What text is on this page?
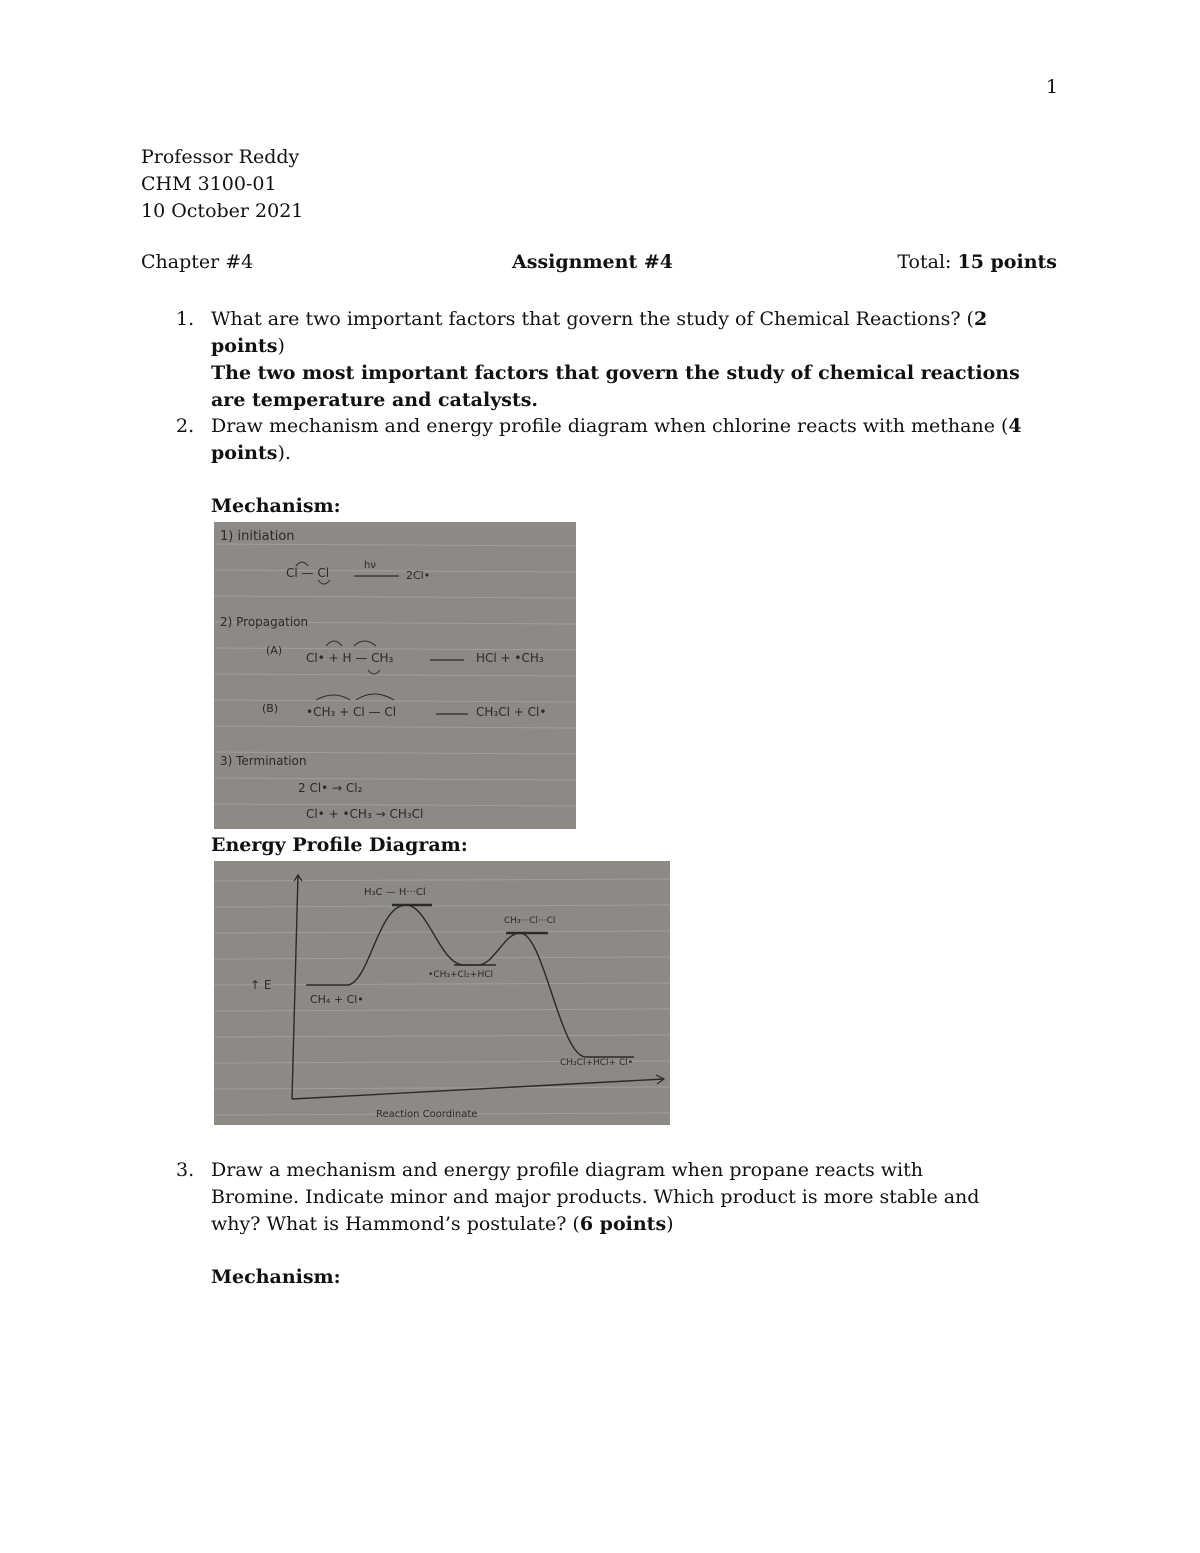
1
Professor Reddy
CHM 3100-01
10 October 2021
Chapter #4	Assignment #4	Total: 15 points
1. What are two important factors that govern the study of Chemical Reactions? (2 points)
The two most important factors that govern the study of chemical reactions are temperature and catalysts.
2. Draw mechanism and energy profile diagram when chlorine reacts with methane (4 points).
Mechanism:
1) initiation
Cl — Cl
hν
2Cl•
2) Propagation
(A)
Cl• + H — CH₃	HCl + •CH₃
(B) •CH₃ + Cl — Cl	CH₃Cl + Cl•
3) Termination
2 Cl• → Cl₂
Cl• + •CH₃ → CH₃Cl
Energy Profile Diagram:
H₃C — H···Cl
CH₃···Cl···Cl
•CH₃+Cl₂+HCl
CH₄ + Cl•
CH₃Cl+HCl+ Cl•
↑ E
Reaction Coordinate
3. Draw a mechanism and energy profile diagram when propane reacts with Bromine. Indicate minor and major products. Which product is more stable and why? What is Hammond’s postulate? (6 points)
Mechanism:
